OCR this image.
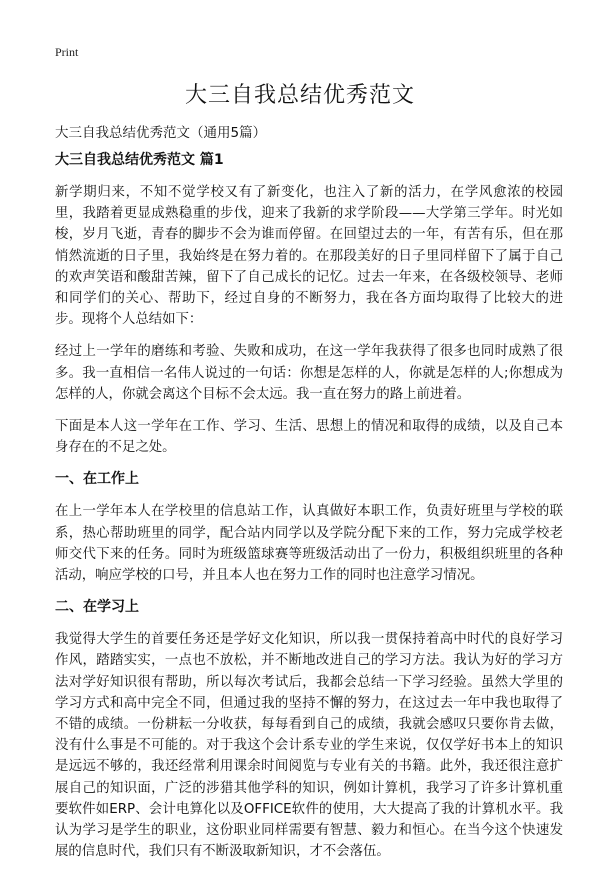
Print
大三自我总结优秀范文

大三自我总结优秀范文（通用5篇）

大三自我总结优秀范文 篇1

新学期归来，不知不觉学校又有了新变化，也注入了新的活力，在学风愈浓的校园里，我踏着更显成熟稳重的步伐，迎来了我新的求学阶段——大学第三学年。时光如梭，岁月飞逝，青春的脚步不会为谁而停留。在回望过去的一年，有苦有乐，但在那悄然流逝的日子里，我始终是在努力着的。在那段美好的日子里同样留下了属于自己的欢声笑语和酸甜苦辣，留下了自己成长的记忆。过去一年来，在各级校领导、老师和同学们的关心、帮助下，经过自身的不断努力，我在各方面均取得了比较大的进步。现将个人总结如下：

经过上一学年的磨练和考验、失败和成功，在这一学年我获得了很多也同时成熟了很多。我一直相信一名伟人说过的一句话：你想是怎样的人，你就是怎样的人;你想成为怎样的人，你就会离这个目标不会太远。我一直在努力的路上前进着。

下面是本人这一学年在工作、学习、生活、思想上的情况和取得的成绩，以及自己本身存在的不足之处。

一、在工作上

在上一学年本人在学校里的信息站工作，认真做好本职工作，负责好班里与学校的联系，热心帮助班里的同学，配合站内同学以及学院分配下来的工作，努力完成学校老师交代下来的任务。同时为班级篮球赛等班级活动出了一份力，积极组织班里的各种活动，响应学校的口号，并且本人也在努力工作的同时也注意学习情况。

二、在学习上

我觉得大学生的首要任务还是学好文化知识，所以我一贯保持着高中时代的良好学习作风，踏踏实实，一点也不放松，并不断地改进自己的学习方法。我认为好的学习方法对学好知识很有帮助，所以每次考试后，我都会总结一下学习经验。虽然大学里的学习方式和高中完全不同，但通过我的坚持不懈的努力，在这过去一年中我也取得了不错的成绩。一份耕耘一分收获，每每看到自己的成绩，我就会感叹只要你肯去做，没有什么事是不可能的。对于我这个会计系专业的学生来说，仅仅学好书本上的知识是远远不够的，我还经常利用课余时间阅览与专业有关的书籍。此外，我还很注意扩展自己的知识面，广泛的涉猎其他学科的知识，例如计算机，我学习了许多计算机重要软件如ERP、会计电算化以及OFFICE软件的使用，大大提高了我的计算机水平。我认为学习是学生的职业，这份职业同样需要有智慧、毅力和恒心。在当今这个快速发展的信息时代，我们只有不断汲取新知识，才不会落伍。
